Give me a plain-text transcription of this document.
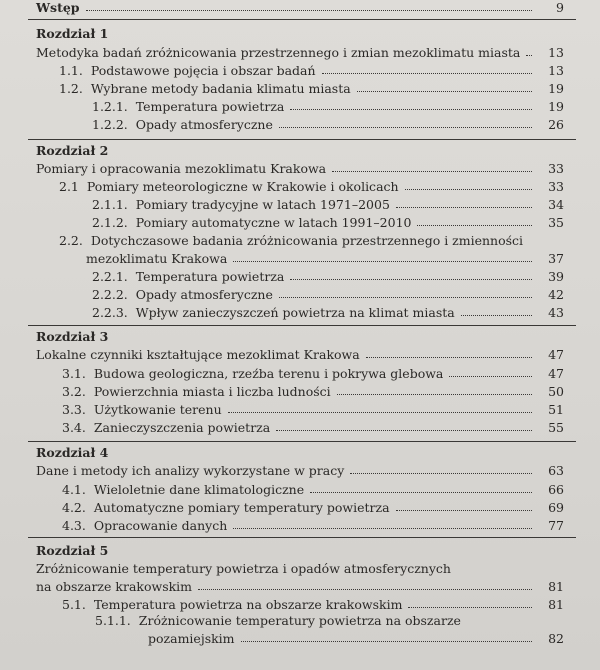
Wstęp	9
Rozdział 1
Metodyka badań zróżnicowania przestrzennego i zmian mezoklimatu miasta	13
1.1. Podstawowe pojęcia i obszar badań	13
1.2. Wybrane metody badania klimatu miasta	19
1.2.1. Temperatura powietrza	19
1.2.2. Opady atmosferyczne	26
Rozdział 2
Pomiary i opracowania mezoklimatu Krakowa	33
2.1 Pomiary meteorologiczne w Krakowie i okolicach	33
2.1.1. Pomiary tradycyjne w latach 1971–2005	34
2.1.2. Pomiary automatyczne w latach 1991–2010	35
2.2. Dotychczasowe badania zróżnicowania przestrzennego i zmienności
mezoklimatu Krakowa	37
2.2.1. Temperatura powietrza	39
2.2.2. Opady atmosferyczne	42
2.2.3. Wpływ zanieczyszczeń powietrza na klimat miasta	43
Rozdział 3
Lokalne czynniki kształtujące mezoklimat Krakowa	47
3.1. Budowa geologiczna, rzeźba terenu i pokrywa glebowa	47
3.2. Powierzchnia miasta i liczba ludności	50
3.3. Użytkowanie terenu	51
3.4. Zanieczyszczenia powietrza	55
Rozdział 4
Dane i metody ich analizy wykorzystane w pracy	63
4.1. Wieloletnie dane klimatologiczne	66
4.2. Automatyczne pomiary temperatury powietrza	69
4.3. Opracowanie danych	77
Rozdział 5
Zróżnicowanie temperatury powietrza i opadów atmosferycznych
na obszarze krakowskim	81
5.1. Temperatura powietrza na obszarze krakowskim	81
5.1.1. Zróżnicowanie temperatury powietrza na obszarze
pozamiejskim	82
